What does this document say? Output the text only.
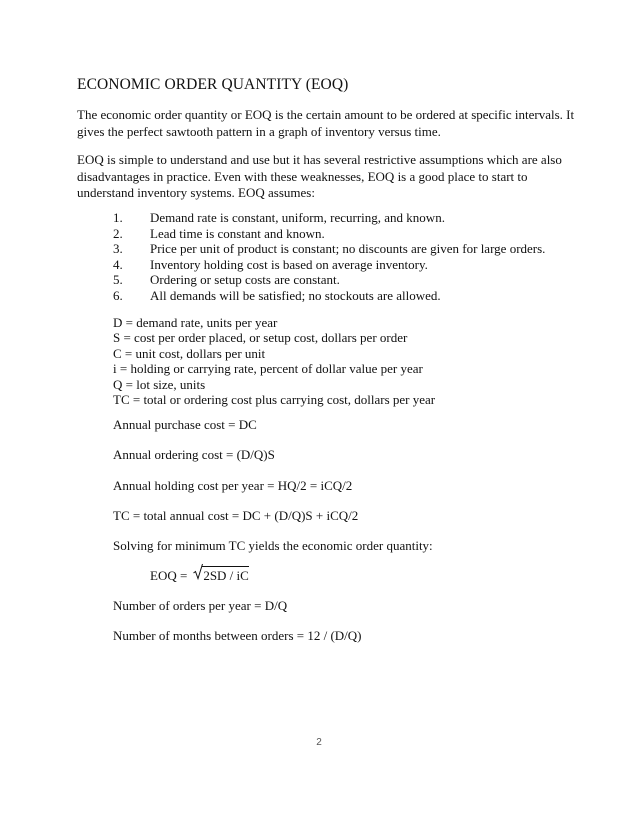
ECONOMIC ORDER QUANTITY (EOQ)
The economic order quantity or EOQ is the certain amount to be ordered at specific intervals. It
gives the perfect sawtooth pattern in a graph of inventory versus time.
EOQ is simple to understand and use but it has several restrictive assumptions which are also
disadvantages in practice. Even with these weaknesses, EOQ is a good place to start to
understand inventory systems. EOQ assumes:
1. Demand rate is constant, uniform, recurring, and known.
2. Lead time is constant and known.
3. Price per unit of product is constant; no discounts are given for large orders.
4. Inventory holding cost is based on average inventory.
5. Ordering or setup costs are constant.
6. All demands will be satisfied; no stockouts are allowed.
D = demand rate, units per year
S = cost per order placed, or setup cost, dollars per order
C = unit cost, dollars per unit
i = holding or carrying rate, percent of dollar value per year
Q = lot size, units
TC = total or ordering cost plus carrying cost, dollars per year
Annual purchase cost = DC
Annual ordering cost = (D/Q)S
Annual holding cost per year = HQ/2 = iCQ/2
TC = total annual cost = DC + (D/Q)S + iCQ/2
Solving for minimum TC yields the economic order quantity:
EOQ =	2SD / iC
Number of orders per year = D/Q
Number of months between orders = 12 / (D/Q)
2
